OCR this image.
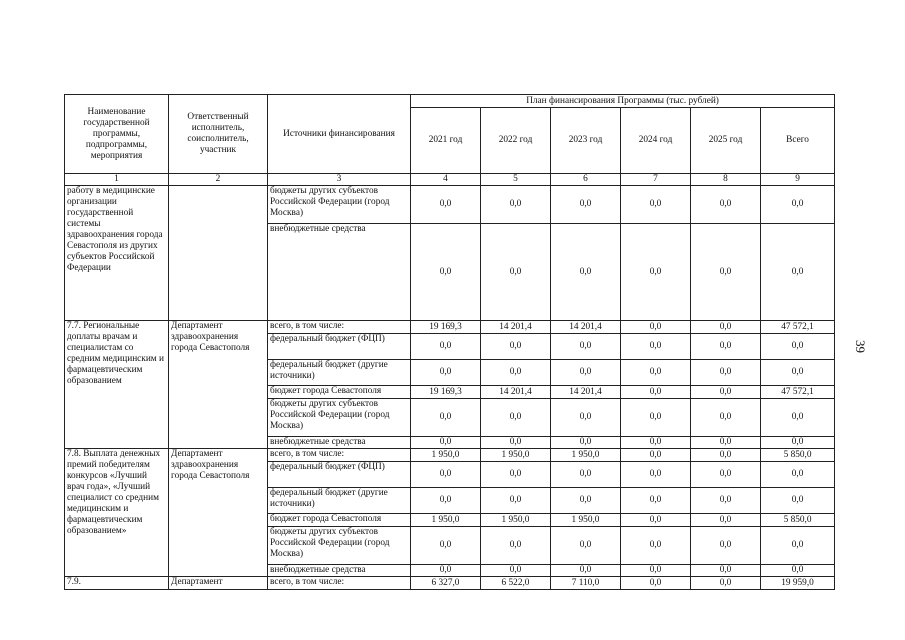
Наименование государственной программы, подпрограммы, мероприятия	Ответственный исполнитель, соисполнитель, участник	Источники финансирования	План финансирования Программы (тыс. рублей)					
			2021 год	2022 год	2023 год	2024 год	2025 год	Всего
1	2	3	4	5	6	7	8	9
работу в медицинские организации государственной системы здравоохранения города Севастополя из других субъектов Российской Федерации		бюджеты других субъектов Российской Федерации (город Москва)	0,0	0,0	0,0	0,0	0,0	0,0
		внебюджетные средства	0,0	0,0	0,0	0,0	0,0	0,0
7.7. Региональные доплаты врачам и специалистам со средним медицинским и фармацевтическим образованием	Департамент здравоохранения города Севастополя	всего, в том числе:	19 169,3	14 201,4	14 201,4	0,0	0,0	47 572,1
		федеральный бюджет (ФЦП)	0,0	0,0	0,0	0,0	0,0	0,0
		федеральный бюджет (другие источники)	0,0	0,0	0,0	0,0	0,0	0,0
		бюджет города Севастополя	19 169,3	14 201,4	14 201,4	0,0	0,0	47 572,1
		бюджеты других субъектов Российской Федерации (город Москва)	0,0	0,0	0,0	0,0	0,0	0,0
		внебюджетные средства	0,0	0,0	0,0	0,0	0,0	0,0
7.8. Выплата денежных премий победителям конкурсов «Лучший врач года», «Лучший специалист со средним медицинским и фармацевтическим образованием»	Департамент здравоохранения города Севастополя	всего, в том числе:	1 950,0	1 950,0	1 950,0	0,0	0,0	5 850,0
		федеральный бюджет (ФЦП)	0,0	0,0	0,0	0,0	0,0	0,0
		федеральный бюджет (другие источники)	0,0	0,0	0,0	0,0	0,0	0,0
		бюджет города Севастополя	1 950,0	1 950,0	1 950,0	0,0	0,0	5 850,0
		бюджеты других субъектов Российской Федерации (город Москва)	0,0	0,0	0,0	0,0	0,0	0,0
		внебюджетные средства	0,0	0,0	0,0	0,0	0,0	0,0
7.9.	Департамент	всего, в том числе:	6 327,0	6 522,0	7 110,0	0,0	0,0	19 959,0
39
